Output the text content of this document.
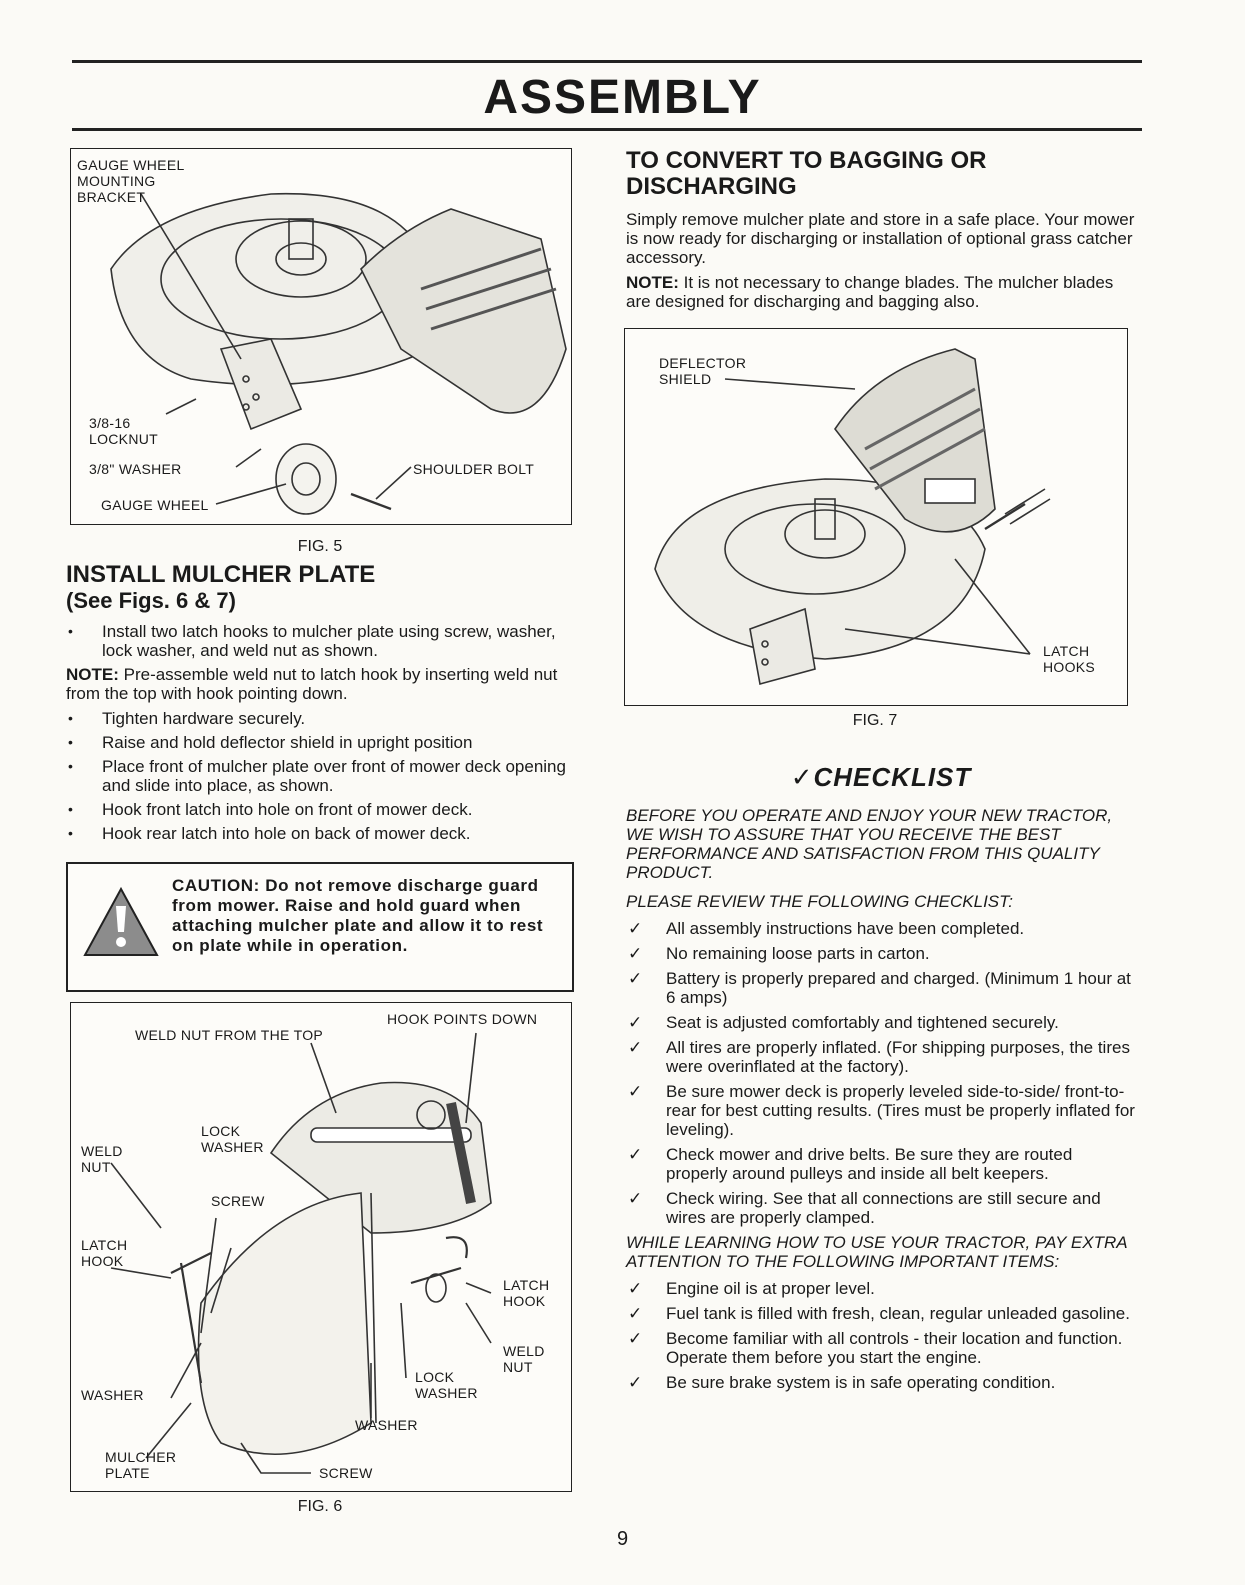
ASSEMBLY
GAUGE WHEEL
MOUNTING
BRACKET
3/8-16
LOCKNUT
3/8" WASHER	SHOULDER BOLT
GAUGE WHEEL
FIG. 5

INSTALL MULCHER PLATE

(See Figs. 6 & 7)

• Install two latch hooks to mulcher plate using screw, washer, lock washer, and weld nut as shown.

NOTE: Pre-assemble weld nut to latch hook by inserting weld nut from the top with hook pointing down.

• Tighten hardware securely.
• Raise and hold deflector shield in upright position
• Place front of mulcher plate over front of mower deck opening and slide into place, as shown.
• Hook front latch into hole on front of mower deck.
• Hook rear latch into hole on back of mower deck.
CAUTION: Do not remove discharge guard from mower. Raise and hold guard when attaching mulcher plate and allow it to rest on plate while in operation.
WELD NUT FROM THE TOP
HOOK POINTS DOWN
LOCK
WASHER
WELD
NUT
SCREW
LATCH
HOOK
LATCH
HOOK
WELD
NUT
LOCK
WASHER
WASHER
WASHER
MULCHER
PLATE	SCREW
FIG. 6

TO CONVERT TO BAGGING OR

DISCHARGING

Simply remove mulcher plate and store in a safe place. Your mower is now ready for discharging or installation of optional grass catcher accessory.

NOTE: It is not necessary to change blades. The mulcher blades are designed for discharging and bagging also.

DEFLECTOR
SHIELD
LATCH
HOOKS
FIG. 7
✓CHECKLIST

BEFORE YOU OPERATE AND ENJOY YOUR NEW TRACTOR, WE WISH TO ASSURE THAT YOU RECEIVE THE BEST PERFORMANCE AND SATISFACTION FROM THIS QUALITY PRODUCT.

PLEASE REVIEW THE FOLLOWING CHECKLIST:

✓ All assembly instructions have been completed.
✓ No remaining loose parts in carton.
✓ Battery is properly prepared and charged. (Minimum 1 hour at 6 amps)
✓ Seat is adjusted comfortably and tightened securely.
✓ All tires are properly inflated. (For shipping purposes, the tires were overinflated at the factory).
✓ Be sure mower deck is properly leveled side-to-side/ front-to-rear for best cutting results. (Tires must be properly inflated for leveling).
✓ Check mower and drive belts. Be sure they are routed properly around pulleys and inside all belt keepers.
✓ Check wiring. See that all connections are still secure and wires are properly clamped.

WHILE LEARNING HOW TO USE YOUR TRACTOR, PAY EXTRA ATTENTION TO THE FOLLOWING IMPORTANT ITEMS:

✓ Engine oil is at proper level.
✓ Fuel tank is filled with fresh, clean, regular unleaded gasoline.
✓ Become familiar with all controls - their location and function. Operate them before you start the engine.
✓ Be sure brake system is in safe operating condition.
9
